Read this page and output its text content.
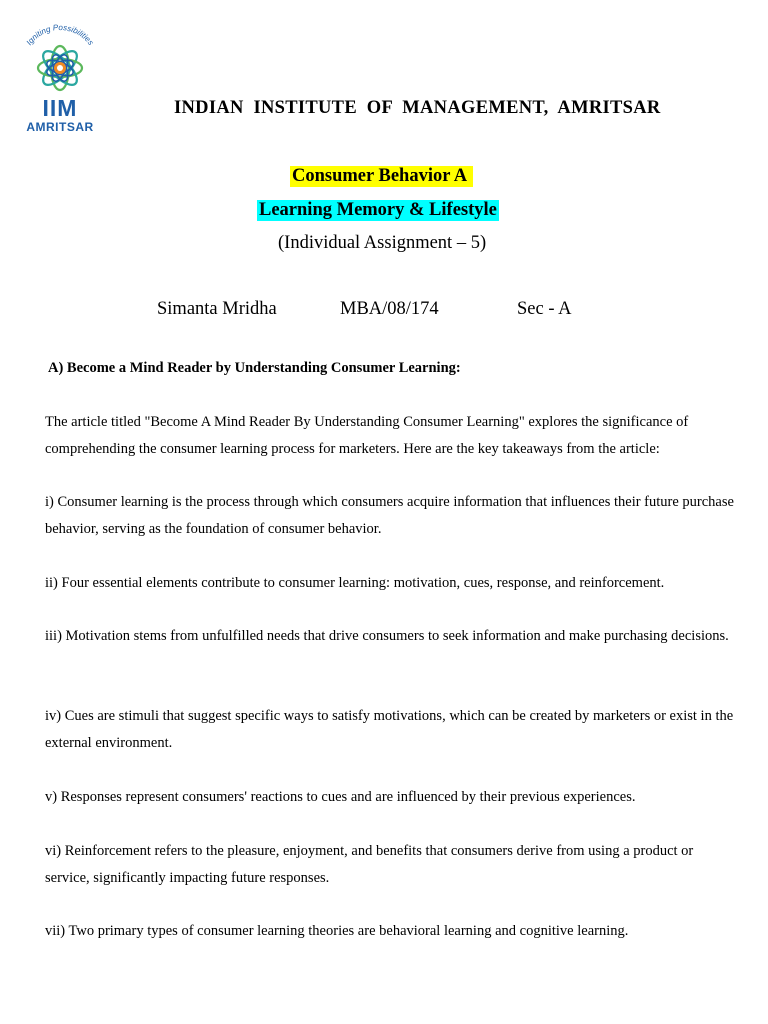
Igniting Possibilities
IIM
AMRITSAR
INDIAN  INSTITUTE  OF  MANAGEMENT,  AMRITSAR
Consumer Behavior A
Learning Memory & Lifestyle
(Individual Assignment – 5)
Simanta Mridha	MBA/08/174	Sec - A
A) Become a Mind Reader by Understanding Consumer Learning:
The article titled "Become A Mind Reader By Understanding Consumer Learning" explores the significance of comprehending the consumer learning process for marketers. Here are the key takeaways from the article:
i) Consumer learning is the process through which consumers acquire information that influences their future purchase behavior, serving as the foundation of consumer behavior.
ii) Four essential elements contribute to consumer learning: motivation, cues, response, and reinforcement.
iii) Motivation stems from unfulfilled needs that drive consumers to seek information and make purchasing decisions.
iv) Cues are stimuli that suggest specific ways to satisfy motivations, which can be created by marketers or exist in the external environment.
v) Responses represent consumers' reactions to cues and are influenced by their previous experiences.
vi) Reinforcement refers to the pleasure, enjoyment, and benefits that consumers derive from using a product or service, significantly impacting future responses.
vii) Two primary types of consumer learning theories are behavioral learning and cognitive learning.
